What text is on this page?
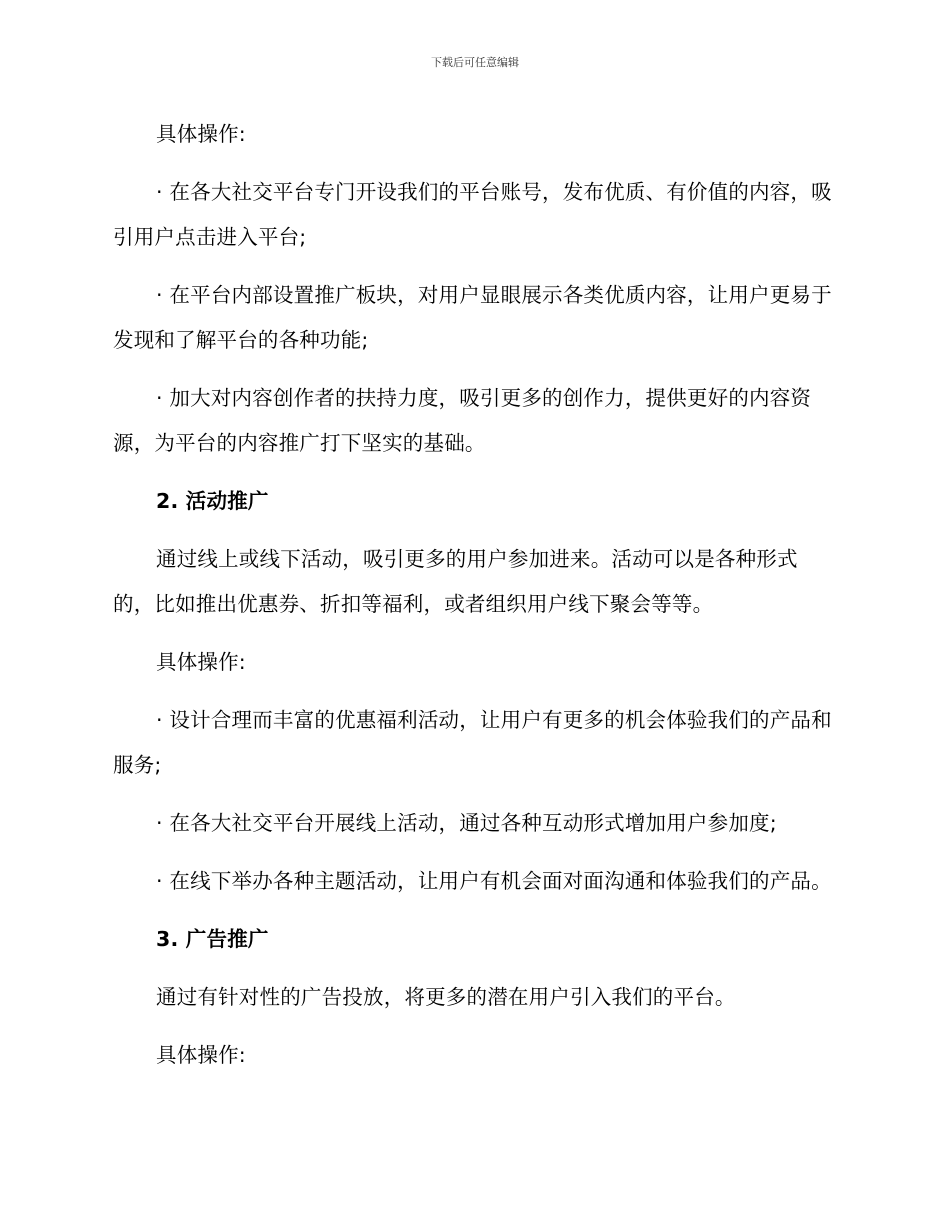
下载后可任意编辑

具体操作:

· 在各大社交平台专门开设我们的平台账号，发布优质、有价值的内容，吸引用户点击进入平台;

· 在平台内部设置推广板块，对用户显眼展示各类优质内容，让用户更易于发现和了解平台的各种功能;

· 加大对内容创作者的扶持力度，吸引更多的创作力，提供更好的内容资源，为平台的内容推广打下坚实的基础。

2. 活动推广

通过线上或线下活动，吸引更多的用户参加进来。活动可以是各种形式的，比如推出优惠券、折扣等福利，或者组织用户线下聚会等等。

具体操作:

· 设计合理而丰富的优惠福利活动，让用户有更多的机会体验我们的产品和服务;

· 在各大社交平台开展线上活动，通过各种互动形式增加用户参加度;

· 在线下举办各种主题活动，让用户有机会面对面沟通和体验我们的产品。

3. 广告推广

通过有针对性的广告投放，将更多的潜在用户引入我们的平台。

具体操作:
